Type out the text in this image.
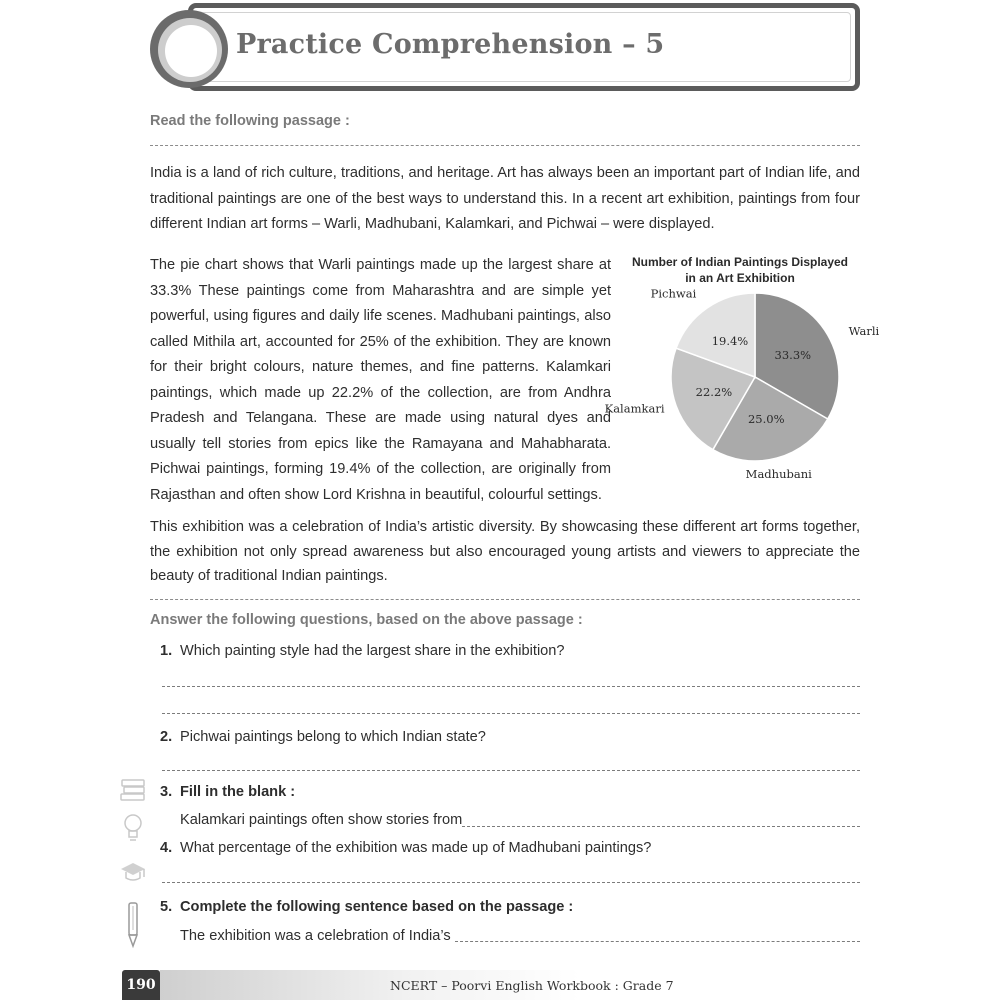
Practice Comprehension – 5
Read the following passage :

India is a land of rich culture, traditions, and heritage. Art has always been an important part of Indian life, and traditional paintings are one of the best ways to understand this. In a recent art exhibition, paintings from four different Indian art forms – Warli, Madhubani, Kalamkari, and Pichwai – were displayed.

The pie chart shows that Warli paintings made up the largest share at 33.3% These paintings come from Maharashtra and are simple yet powerful, using figures and daily life scenes. Madhubani paintings, also called Mithila art, accounted for 25% of the exhibition. They are known for their bright colours, nature themes, and fine patterns. Kalamkari paintings, which made up 22.2% of the collection, are from Andhra Pradesh and Telangana. These are made using natural dyes and usually tell stories from epics like the Ramayana and Mahabharata. Pichwai paintings, forming 19.4% of the collection, are originally from Rajasthan and often show Lord Krishna in beautiful, colourful settings.

Number of Indian Paintings Displayed
in an Art Exhibition
33.3%
Warli
25.0%
Madhubani
22.2%
Kalamkari
19.4%
Pichwai

This exhibition was a celebration of India’s artistic diversity. By showcasing these different art forms together, the exhibition not only spread awareness but also encouraged young artists and viewers to appreciate the beauty of traditional Indian paintings.

Answer the following questions, based on the above passage :
1. Which painting style had the largest share in the exhibition?
2. Pichwai paintings belong to which Indian state?
3. Fill in the blank :
Kalamkari paintings often show stories from
4. What percentage of the exhibition was made up of Madhubani paintings?
5. Complete the following sentence based on the passage :
The exhibition was a celebration of India’s
190	NCERT – Poorvi English Workbook : Grade 7
